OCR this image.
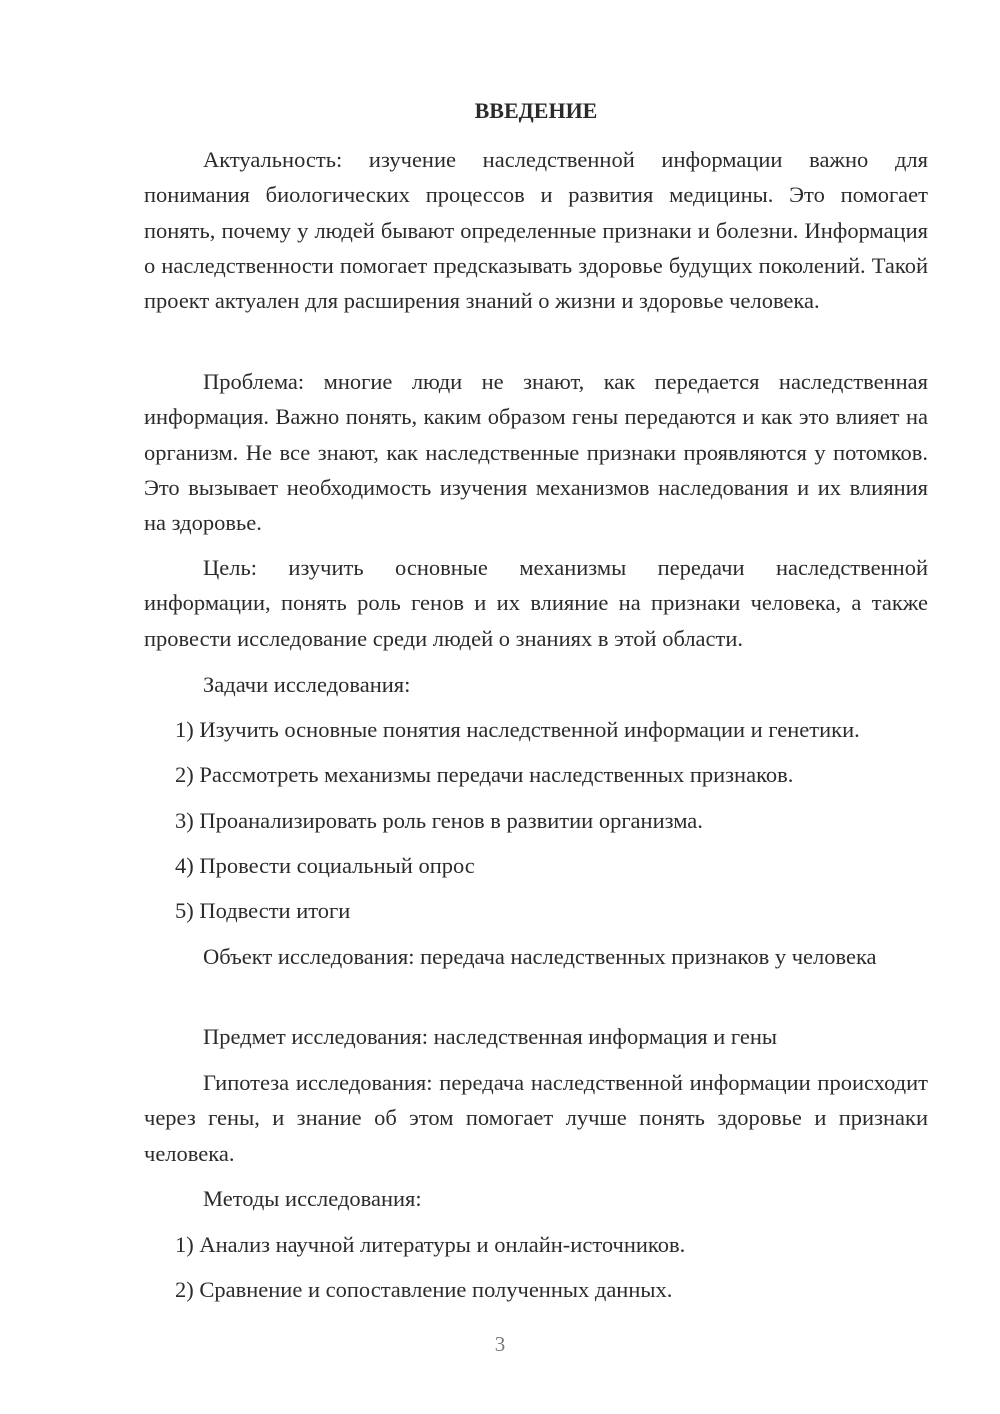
ВВЕДЕНИЕ

Актуальность: изучение наследственной информации важно для понимания биологических процессов и развития медицины. Это помогает понять, почему у людей бывают определенные признаки и болезни. Информация о наследственности помогает предсказывать здоровье будущих поколений. Такой проект актуален для расширения знаний о жизни и здоровье человека.

Проблема: многие люди не знают, как передается наследственная информация. Важно понять, каким образом гены передаются и как это влияет на организм. Не все знают, как наследственные признаки проявляются у потомков. Это вызывает необходимость изучения механизмов наследования и их влияния на здоровье.

Цель: изучить основные механизмы передачи наследственной информации, понять роль генов и их влияние на признаки человека, а также провести исследование среди людей о знаниях в этой области.

Задачи исследования:

1) Изучить основные понятия наследственной информации и генетики.

2) Рассмотреть механизмы передачи наследственных признаков.

3) Проанализировать роль генов в развитии организма.

4) Провести социальный опрос

5) Подвести итоги

Объект исследования: передача наследственных признаков у человека

Предмет исследования: наследственная информация и гены

Гипотеза исследования: передача наследственной информации происходит через гены, и знание об этом помогает лучше понять здоровье и признаки человека.

Методы исследования:

1) Анализ научной литературы и онлайн-источников.

2) Сравнение и сопоставление полученных данных.

3
